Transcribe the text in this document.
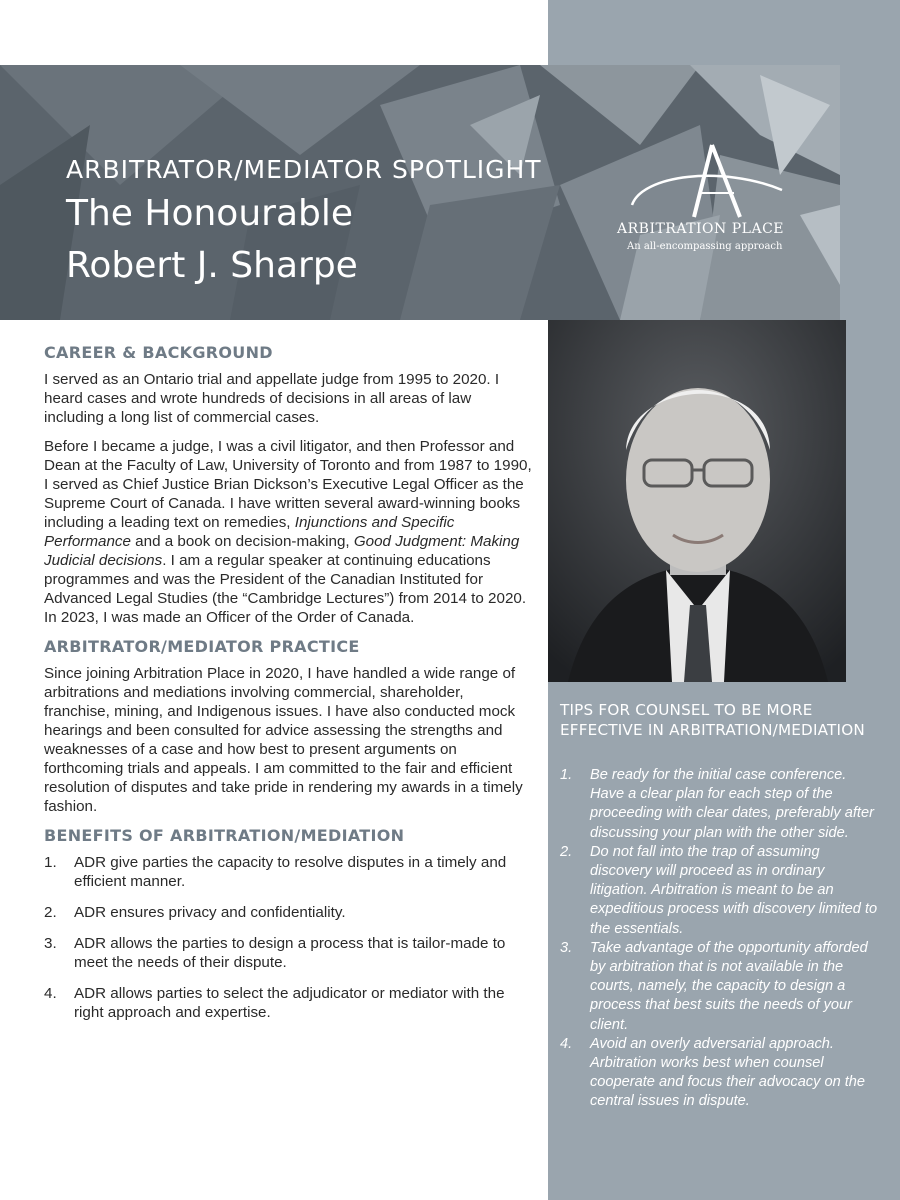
ARBITRATOR/MEDIATOR SPOTLIGHT
The Honourable
Robert J. Sharpe
ARBITRATION PLACE
An all-encompassing approach
CAREER & BACKGROUND

I served as an Ontario trial and appellate judge from 1995 to 2020. I heard cases and wrote hundreds of decisions in all areas of law including a long list of commercial cases.

Before I became a judge, I was a civil litigator, and then Professor and Dean at the Faculty of Law, University of Toronto and from 1987 to 1990, I served as Chief Justice Brian Dickson’s Executive Legal Officer as the Supreme Court of Canada. I have written several award-winning books including a leading text on remedies, Injunctions and Specific Performance and a book on decision-making, Good Judgment: Making Judicial decisions. I am a regular speaker at continuing educations programmes and was the President of the Canadian Instituted for Advanced Legal Studies (the “Cambridge Lectures”) from 2014 to 2020. In 2023, I was made an Officer of the Order of Canada.

ARBITRATOR/MEDIATOR PRACTICE

Since joining Arbitration Place in 2020, I have handled a wide range of arbitrations and mediations involving commercial, shareholder, franchise, mining, and Indigenous issues. I have also conducted mock hearings and been consulted for advice assessing the strengths and weaknesses of a case and how best to present arguments on forthcoming trials and appeals. I am committed to the fair and efficient resolution of disputes and take pride in rendering my awards in a timely fashion.

BENEFITS OF ARBITRATION/MEDIATION
1.	ADR give parties the capacity to resolve disputes in a timely and efficient manner.
2.	ADR ensures privacy and confidentiality.
3.	ADR allows the parties to design a process that is tailor-made to meet the needs of their dispute.
4.	ADR allows parties to select the adjudicator or mediator with the right approach and expertise.
TIPS FOR COUNSEL TO BE MORE EFFECTIVE IN ARBITRATION/MEDIATION
1.	Be ready for the initial case conference. Have a clear plan for each step of the proceeding with clear dates, preferably after discussing your plan with the other side.
2.	Do not fall into the trap of assuming discovery will proceed as in ordinary litigation. Arbitration is meant to be an expeditious process with discovery limited to the essentials.
3.	Take advantage of the opportunity afforded by arbitration that is not available in the courts, namely, the capacity to design a process that best suits the needs of your client.
4.	Avoid an overly adversarial approach. Arbitration works best when counsel cooperate and focus their advocacy on the central issues in dispute.
